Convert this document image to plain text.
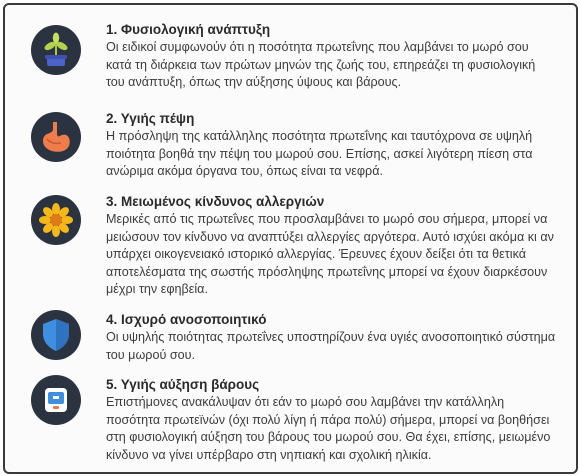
1. Φυσιολογική ανάπτυξη

Οι ειδικοί συμφωνούν ότι η ποσότητα πρωτεΐνης που λαμβάνει το μωρό σου κατά τη διάρκεια των πρώτων μηνών της ζωής του, επηρεάζει τη φυσιολογική του ανάπτυξη, όπως την αύξησης ύψους και βάρους.

2. Υγιής πέψη

Η πρόσληψη της κατάλληλης ποσότητα πρωτεΐνης και ταυτόχρονα σε υψηλή ποιότητα βοηθά την πέψη του μωρού σου. Επίσης, ασκεί λιγότερη πίεση στα ανώριμα ακόμα όργανα του, όπως είναι τα νεφρά.

3. Μειωμένος κίνδυνος αλλεργιών

Μερικές από τις πρωτεΐνες που προσλαμβάνει το μωρό σου σήμερα, μπορεί να μειώσουν τον κίνδυνο να αναπτύξει αλλεργίες αργότερα. Αυτό ισχύει ακόμα κι αν υπάρχει οικογενειακό ιστορικό αλλεργίας. Έρευνες έχουν δείξει ότι τα θετικά αποτελέσματα της σωστής πρόσληψης πρωτεΐνης μπορεί να έχουν διαρκέσουν μέχρι την εφηβεία.

4. Ισχυρό ανοσοποιητικό

Οι υψηλής ποιότητας πρωτεΐνες υποστηρίζουν ένα υγιές ανοσοποιητικό σύστημα του μωρού σου.

5. Υγιής αύξηση βάρους

Επιστήμονες ανακάλυψαν ότι εάν το μωρό σου λαμβάνει την κατάλληλη ποσότητα πρωτεϊνών (όχι πολύ λίγη ή πάρα πολύ) σήμερα, μπορεί να βοηθήσει στη φυσιολογική αύξηση του βάρους του μωρού σου. Θα έχει, επίσης, μειωμένο κίνδυνο να γίνει υπέρβαρο στη νηπιακή και σχολική ηλικία.
